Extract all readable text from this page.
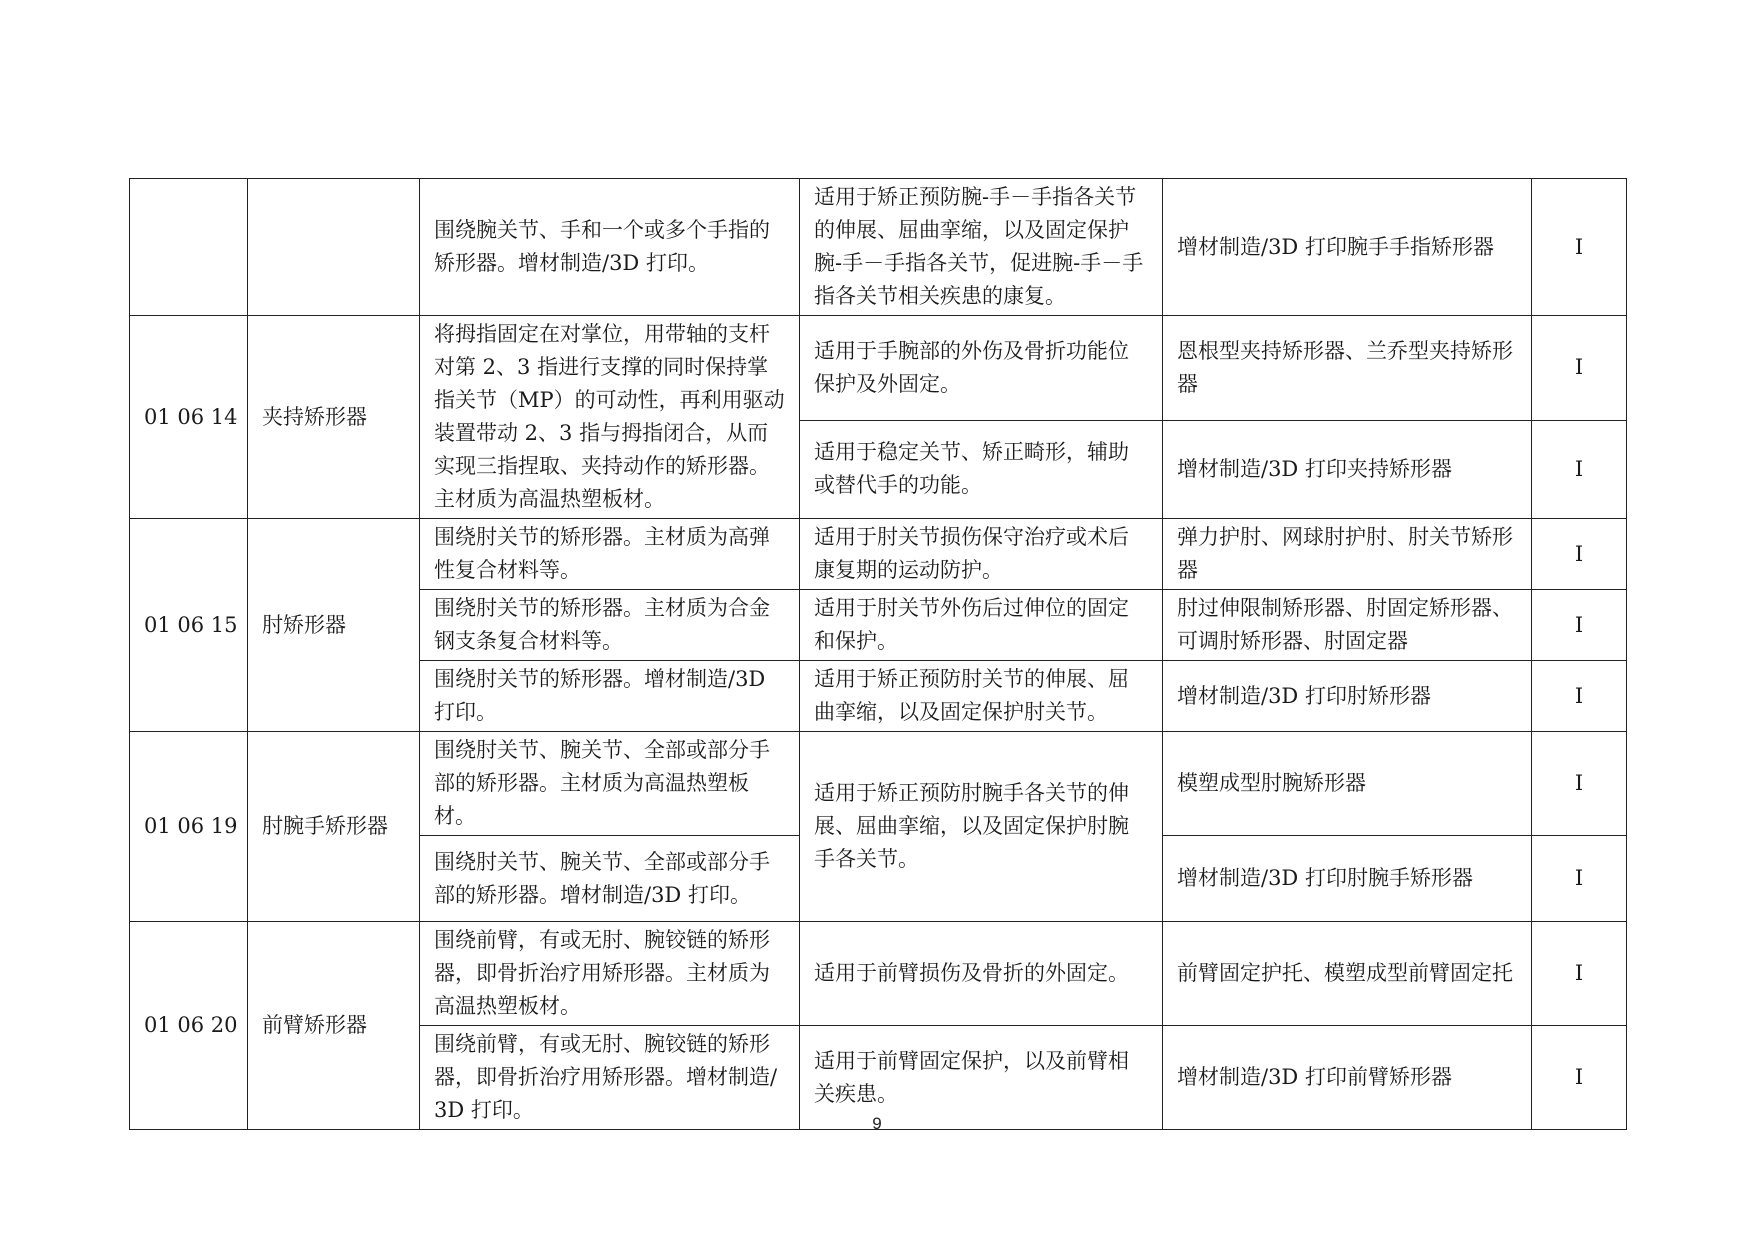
		围绕腕关节、手和一个或多个手指的矫形器。增材制造/3D 打印。	适用于矫正预防腕-手－手指各关节的伸展、屈曲挛缩，以及固定保护腕-手－手指各关节，促进腕-手－手指各关节相关疾患的康复。	增材制造/3D 打印腕手手指矫形器	I
01 06 14	夹持矫形器	将拇指固定在对掌位，用带轴的支杆对第 2、3 指进行支撑的同时保持掌指关节（MP）的可动性，再利用驱动装置带动 2、3 指与拇指闭合，从而实现三指捏取、夹持动作的矫形器。主材质为高温热塑板材。	适用于手腕部的外伤及骨折功能位保护及外固定。	恩根型夹持矫形器、兰乔型夹持矫形器	I
			适用于稳定关节、矫正畸形，辅助或替代手的功能。	增材制造/3D 打印夹持矫形器	I
01 06 15	肘矫形器	围绕肘关节的矫形器。主材质为高弹性复合材料等。	适用于肘关节损伤保守治疗或术后康复期的运动防护。	弹力护肘、网球肘护肘、肘关节矫形器	I
		围绕肘关节的矫形器。主材质为合金钢支条复合材料等。	适用于肘关节外伤后过伸位的固定和保护。	肘过伸限制矫形器、肘固定矫形器、可调肘矫形器、肘固定器	I
		围绕肘关节的矫形器。增材制造/3D 打印。	适用于矫正预防肘关节的伸展、屈曲挛缩，以及固定保护肘关节。	增材制造/3D 打印肘矫形器	I
01 06 19	肘腕手矫形器	围绕肘关节、腕关节、全部或部分手部的矫形器。主材质为高温热塑板材。	适用于矫正预防肘腕手各关节的伸展、屈曲挛缩，以及固定保护肘腕手各关节。	模塑成型肘腕矫形器	I
		围绕肘关节、腕关节、全部或部分手部的矫形器。增材制造/3D 打印。		增材制造/3D 打印肘腕手矫形器	I
01 06 20	前臂矫形器	围绕前臂，有或无肘、腕铰链的矫形器，即骨折治疗用矫形器。主材质为高温热塑板材。	适用于前臂损伤及骨折的外固定。	前臂固定护托、模塑成型前臂固定托	I
		围绕前臂，有或无肘、腕铰链的矫形器，即骨折治疗用矫形器。增材制造/3D 打印。	适用于前臂固定保护，以及前臂相关疾患。	增材制造/3D 打印前臂矫形器	I
9
